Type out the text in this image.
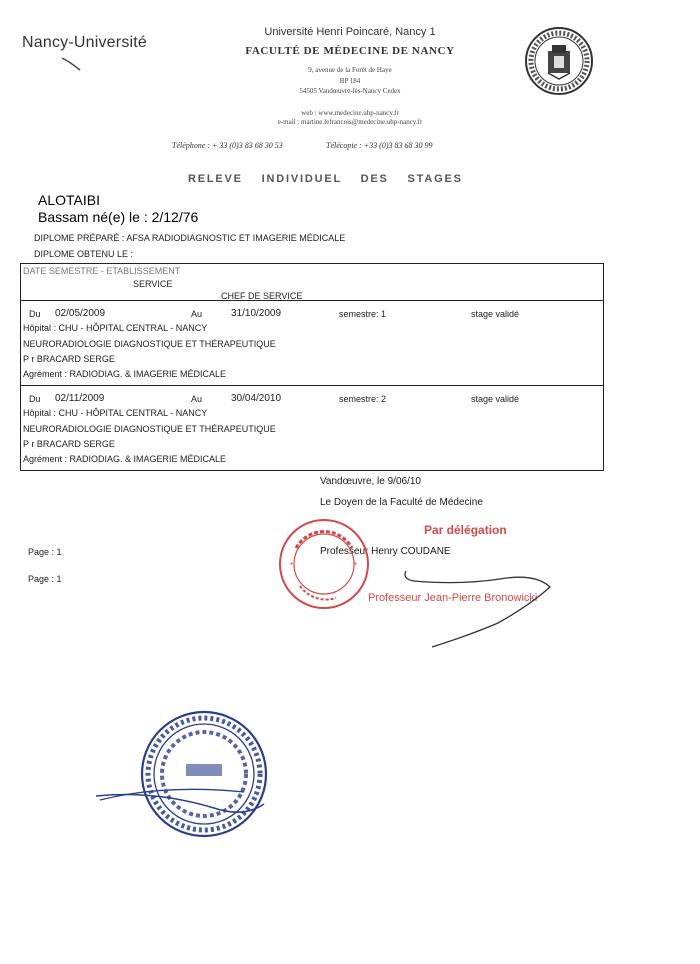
Nancy-Université
Université Henri Poincaré, Nancy 1
FACULTÉ DE MÉDECINE DE NANCY
9, avenue de la Forêt de Haye
BP 184
54505 Vandœuvre-lès-Nancy Cedex
web : www.medecine.uhp-nancy.fr
e-mail : martine.lefrancois@medecine.uhp-nancy.fr
Téléphone : + 33 (0)3 83 68 30 53	Télécopie : +33 (0)3 83 68 30 99
RELEVE INDIVIDUEL DES STAGES
ALOTAIBI
Bassam né(e) le : 2/12/76
DIPLOME PRÉPARÉ : AFSA RADIODIAGNOSTIC ET IMAGERIE MÉDICALE
DIPLOME OBTENU LE :
DATE SEMESTRE - ETABLISSEMENT
SERVICE
CHEF DE SERVICE
Du 02/05/2009	Au	31/10/2009	semestre: 1	stage validé
Hôpital : CHU - HÔPITAL CENTRAL - NANCY
NEURORADIOLOGIE DIAGNOSTIQUE ET THÉRAPEUTIQUE
P r BRACARD SERGE
Agrément : RADIODIAG. & IMAGERIE MÉDICALE
Du 02/11/2009	Au	30/04/2010	semestre: 2	stage validé
Hôpital : CHU - HÔPITAL CENTRAL - NANCY
NEURORADIOLOGIE DIAGNOSTIQUE ET THÉRAPEUTIQUE
P r BRACARD SERGE
Agrément : RADIODIAG. & IMAGERIE MÉDICALE
Vandœuvre, le 9/06/10
Le Doyen de la Faculté de Médecine
Par délégation
Professeur Henry COUDANE
Professeur Jean-Pierre Bronowicki
*	*
Page : 1
Page : 1
